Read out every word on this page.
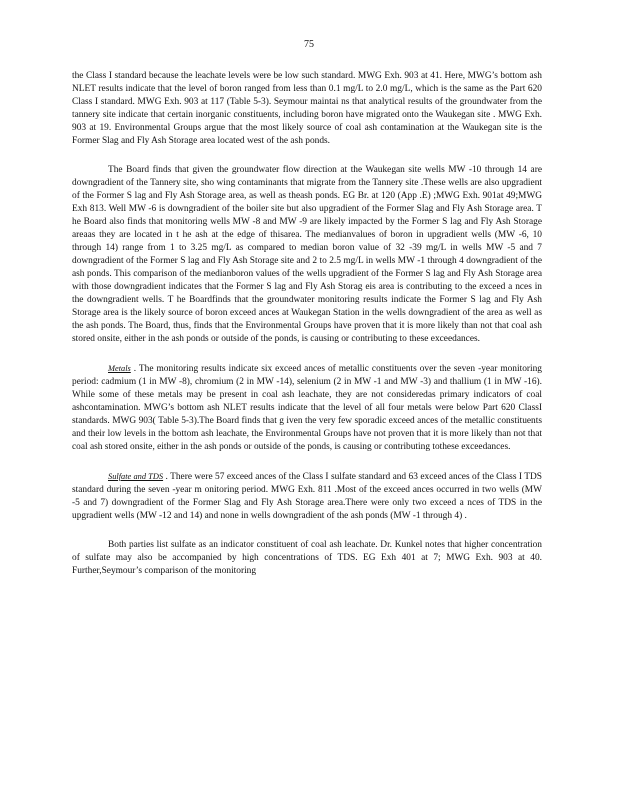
75

the Class I standard because the leachate levels were be low such standard. MWG Exh. 903 at 41. Here, MWG’s bottom ash NLET results indicate that the level of boron ranged from less than 0.1 mg/L to 2.0 mg/L, which is the same as the Part 620 Class I standard. MWG Exh. 903 at 117 (Table 5-3). Seymour maintai ns that analytical results of the groundwater from the tannery site indicate that certain inorganic constituents, including boron have migrated onto the Waukegan site . MWG Exh. 903 at 19. Environmental Groups argue that the most likely source of coal ash contamination at the Waukegan site is the Former Slag and Fly Ash Storage area located west of the ash ponds.

The Board finds that given the groundwater flow direction at the Waukegan site wells MW -10 through 14 are downgradient of the Tannery site, sho wing contaminants that migrate from the Tannery site .These wells are also upgradient of the Former S lag and Fly Ash Storage area, as well as theash ponds. EG Br. at 120 (App .E) ;MWG Exh. 901at 49;MWG Exh 813. Well MW -6 is downgradient of the boiler site but also upgradient of the Former Slag and Fly Ash Storage area. T he Board also finds that monitoring wells MW -8 and MW -9 are likely impacted by the Former S lag and Fly Ash Storage areaas they are located in t he ash at the edge of thisarea. The medianvalues of boron in upgradient wells (MW -6, 10 through 14) range from 1 to 3.25 mg/L as compared to median boron value of 32 -39 mg/L in wells MW -5 and 7 downgradient of the Former S lag and Fly Ash Storage site and 2 to 2.5 mg/L in wells MW -1 through 4 downgradient of the ash ponds. This comparison of the medianboron values of the wells upgradient of the Former S lag and Fly Ash Storage area with those downgradient indicates that the Former S lag and Fly Ash Storag eis area is contributing to the exceed a nces in the downgradient wells. T he Boardfinds that the groundwater monitoring results indicate the Former S lag and Fly Ash Storage area is the likely source of boron exceed ances at Waukegan Station in the wells downgradient of the area as well as the ash ponds. The Board, thus, finds that the Environmental Groups have proven that it is more likely than not that coal ash stored onsite, either in the ash ponds or outside of the ponds, is causing or contributing to these exceedances.

Metals . The monitoring results indicate six exceed ances of metallic constituents over the seven -year monitoring period: cadmium (1 in MW -8), chromium (2 in MW -14), selenium (2 in MW -1 and MW -3) and thallium (1 in MW -16). While some of these metals may be present in coal ash leachate, they are not consideredas primary indicators of coal ashcontamination. MWG’s bottom ash NLET results indicate that the level of all four metals were below Part 620 ClassI standards. MWG 903( Table 5-3).The Board finds that g iven the very few sporadic exceed ances of the metallic constituents and their low levels in the bottom ash leachate, the Environmental Groups have not proven that it is more likely than not that coal ash stored onsite, either in the ash ponds or outside of the ponds, is causing or contributing tothese exceedances.

Sulfate and TDS . There were 57 exceed ances of the Class I sulfate standard and 63 exceed ances of the Class I TDS standard during the seven -year m onitoring period. MWG Exh. 811 .Most of the exceed ances occurred in two wells (MW -5 and 7) downgradient of the Former Slag and Fly Ash Storage area.There were only two exceed a nces of TDS in the upgradient wells (MW -12 and 14) and none in wells downgradient of the ash ponds (MW -1 through 4) .

Both parties list sulfate as an indicator constituent of coal ash leachate. Dr. Kunkel notes that higher concentration of sulfate may also be accompanied by high concentrations of TDS. EG Exh 401 at 7; MWG Exh. 903 at 40. Further,Seymour’s comparison of the monitoring
